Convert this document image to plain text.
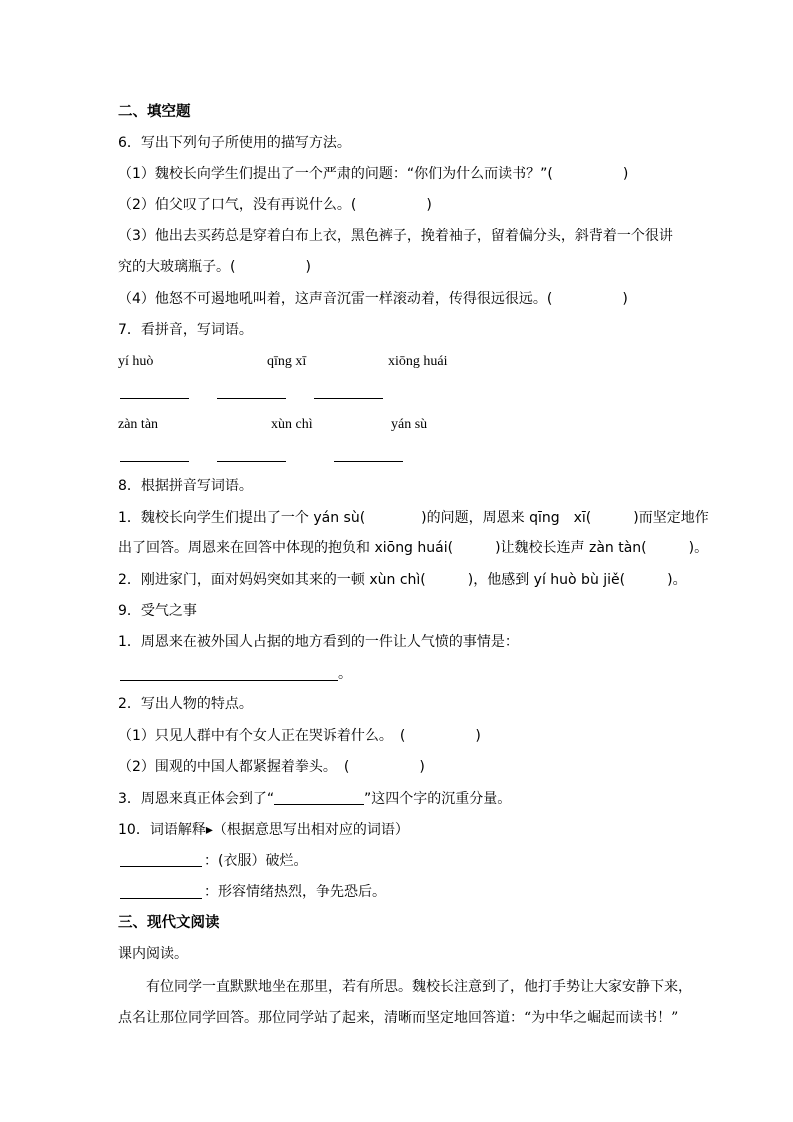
二、填空题
6．写出下列句子所使用的描写方法。
（1）魏校长向学生们提出了一个严肃的问题：“你们为什么而读书？”(　　　　　)
（2）伯父叹了口气，没有再说什么。(　　　　　)
（3）他出去买药总是穿着白布上衣，黑色裤子，挽着袖子，留着偏分头，斜背着一个很讲
究的大玻璃瓶子。(　　　　　)
（4）他怒不可遏地吼叫着，这声音沉雷一样滚动着，传得很远很远。(　　　　　)
7．看拼音，写词语。
yí huò	qīng xī	xiōng huái
zàn tàn	xùn chì	yán sù
8．根据拼音写词语。
1．魏校长向学生们提出了一个 yán sù(　　　　)的问题，周恩来 qīng　xī(　　　)而坚定地作
出了回答。周恩来在回答中体现的抱负和 xiōng huái(　　　)让魏校长连声 zàn tàn(　　　)。
2．刚进家门，面对妈妈突如其来的一顿 xùn chì(　　　)，他感到 yí huò bù jiě(　　　)。
9．受气之事
1．周恩来在被外国人占据的地方看到的一件让人气愤的事情是：
。
2．写出人物的特点。
（1）只见人群中有个女人正在哭诉着什么。　(　　　　　)
（2）围观的中国人都紧握着拳头。　(　　　　　)
3．周恩来真正体会到了“	”这四个字的沉重分量。
10．词语解释▸（根据意思写出相对应的词语）
：(衣服）破烂。
：形容情绪热烈，争先恐后。
三、现代文阅读
课内阅读。
有位同学一直默默地坐在那里，若有所思。魏校长注意到了，他打手势让大家安静下来，
点名让那位同学回答。那位同学站了起来，清晰而坚定地回答道：“为中华之崛起而读书！”
